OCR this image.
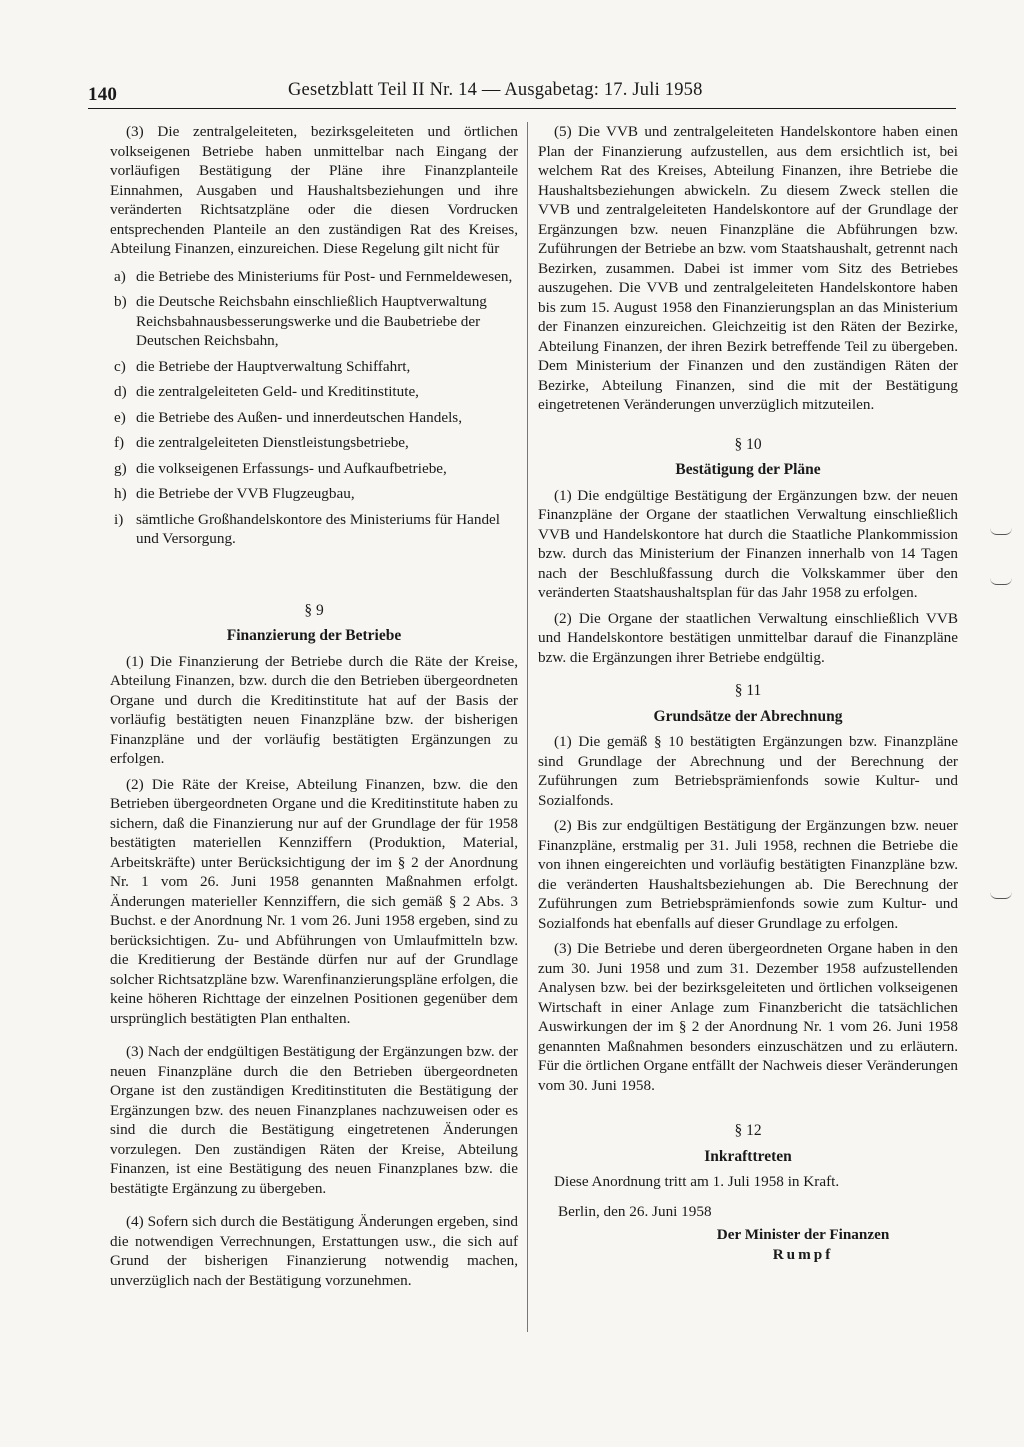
140	Gesetzblatt Teil II Nr. 14 — Ausgabetag: 17. Juli 1958

(3) Die zentralgeleiteten, bezirksgeleiteten und örtlichen volkseigenen Betriebe haben unmittelbar nach Eingang der vorläufigen Bestätigung der Pläne ihre Finanzplanteile Einnahmen, Ausgaben und Haushaltsbeziehungen und ihre veränderten Richtsatzpläne oder die diesen Vordrucken entsprechenden Planteile an den zuständigen Rat des Kreises, Abteilung Finanzen, einzureichen. Diese Regelung gilt nicht für

a) die Betriebe des Ministeriums für Post- und Fernmeldewesen,
b) die Deutsche Reichsbahn einschließlich Hauptverwaltung Reichsbahnausbesserungswerke und die Baubetriebe der Deutschen Reichsbahn,
c) die Betriebe der Hauptverwaltung Schiffahrt,
d) die zentralgeleiteten Geld- und Kreditinstitute,
e) die Betriebe des Außen- und innerdeutschen Handels,
f) die zentralgeleiteten Dienstleistungsbetriebe,
g) die volkseigenen Erfassungs- und Aufkaufbetriebe,
h) die Betriebe der VVB Flugzeugbau,
i) sämtliche Großhandelskontore des Ministeriums für Handel und Versorgung.
§ 9
Finanzierung der Betriebe

(1) Die Finanzierung der Betriebe durch die Räte der Kreise, Abteilung Finanzen, bzw. durch die den Betrieben übergeordneten Organe und durch die Kreditinstitute hat auf der Basis der vorläufig bestätigten neuen Finanzpläne bzw. der bisherigen Finanzpläne und der vorläufig bestätigten Ergänzungen zu erfolgen.

(2) Die Räte der Kreise, Abteilung Finanzen, bzw. die den Betrieben übergeordneten Organe und die Kreditinstitute haben zu sichern, daß die Finanzierung nur auf der Grundlage der für 1958 bestätigten materiellen Kennziffern (Produktion, Material, Arbeitskräfte) unter Berücksichtigung der im § 2 der Anordnung Nr. 1 vom 26. Juni 1958 genannten Maßnahmen erfolgt. Änderungen materieller Kennziffern, die sich gemäß § 2 Abs. 3 Buchst. e der Anordnung Nr. 1 vom 26. Juni 1958 ergeben, sind zu berücksichtigen. Zu- und Abführungen von Umlaufmitteln bzw. die Kreditierung der Bestände dürfen nur auf der Grundlage solcher Richtsatzpläne bzw. Warenfinanzierungspläne erfolgen, die keine höheren Richttage der einzelnen Positionen gegenüber dem ursprünglich bestätigten Plan enthalten.

(3) Nach der endgültigen Bestätigung der Ergänzungen bzw. der neuen Finanzpläne durch die den Betrieben übergeordneten Organe ist den zuständigen Kreditinstituten die Bestätigung der Ergänzungen bzw. des neuen Finanzplanes nachzuweisen oder es sind die durch die Bestätigung eingetretenen Änderungen vorzulegen. Den zuständigen Räten der Kreise, Abteilung Finanzen, ist eine Bestätigung des neuen Finanzplanes bzw. die bestätigte Ergänzung zu übergeben.

(4) Sofern sich durch die Bestätigung Änderungen ergeben, sind die notwendigen Verrechnungen, Erstattungen usw., die sich auf Grund der bisherigen Finanzierung notwendig machen, unverzüglich nach der Bestätigung vorzunehmen.

(5) Die VVB und zentralgeleiteten Handelskontore haben einen Plan der Finanzierung aufzustellen, aus dem ersichtlich ist, bei welchem Rat des Kreises, Abteilung Finanzen, ihre Betriebe die Haushaltsbeziehungen abwickeln. Zu diesem Zweck stellen die VVB und zentralgeleiteten Handelskontore auf der Grundlage der Ergänzungen bzw. neuen Finanzpläne die Abführungen bzw. Zuführungen der Betriebe an bzw. vom Staatshaushalt, getrennt nach Bezirken, zusammen. Dabei ist immer vom Sitz des Betriebes auszugehen. Die VVB und zentralgeleiteten Handelskontore haben bis zum 15. August 1958 den Finanzierungsplan an das Ministerium der Finanzen einzureichen. Gleichzeitig ist den Räten der Bezirke, Abteilung Finanzen, der ihren Bezirk betreffende Teil zu übergeben. Dem Ministerium der Finanzen und den zuständigen Räten der Bezirke, Abteilung Finanzen, sind die mit der Bestätigung eingetretenen Veränderungen unverzüglich mitzuteilen.

§ 10
Bestätigung der Pläne

(1) Die endgültige Bestätigung der Ergänzungen bzw. der neuen Finanzpläne der Organe der staatlichen Verwaltung einschließlich VVB und Handelskontore hat durch die Staatliche Plankommission bzw. durch das Ministerium der Finanzen innerhalb von 14 Tagen nach der Beschlußfassung durch die Volkskammer über den veränderten Staatshaushaltsplan für das Jahr 1958 zu erfolgen.

(2) Die Organe der staatlichen Verwaltung einschließlich VVB und Handelskontore bestätigen unmittelbar darauf die Finanzpläne bzw. die Ergänzungen ihrer Betriebe endgültig.

§ 11
Grundsätze der Abrechnung

(1) Die gemäß § 10 bestätigten Ergänzungen bzw. Finanzpläne sind Grundlage der Abrechnung und der Berechnung der Zuführungen zum Betriebsprämienfonds sowie Kultur- und Sozialfonds.

(2) Bis zur endgültigen Bestätigung der Ergänzungen bzw. neuer Finanzpläne, erstmalig per 31. Juli 1958, rechnen die Betriebe die von ihnen eingereichten und vorläufig bestätigten Finanzpläne bzw. die veränderten Haushaltsbeziehungen ab. Die Berechnung der Zuführungen zum Betriebsprämienfonds sowie zum Kultur- und Sozialfonds hat ebenfalls auf dieser Grundlage zu erfolgen.

(3) Die Betriebe und deren übergeordneten Organe haben in den zum 30. Juni 1958 und zum 31. Dezember 1958 aufzustellenden Analysen bzw. bei der bezirksgeleiteten und örtlichen volkseigenen Wirtschaft in einer Anlage zum Finanzbericht die tatsächlichen Auswirkungen der im § 2 der Anordnung Nr. 1 vom 26. Juni 1958 genannten Maßnahmen besonders einzuschätzen und zu erläutern. Für die örtlichen Organe entfällt der Nachweis dieser Veränderungen vom 30. Juni 1958.

§ 12
Inkrafttreten

Diese Anordnung tritt am 1. Juli 1958 in Kraft.

Berlin, den 26. Juni 1958

Der Minister der Finanzen
Rumpf
